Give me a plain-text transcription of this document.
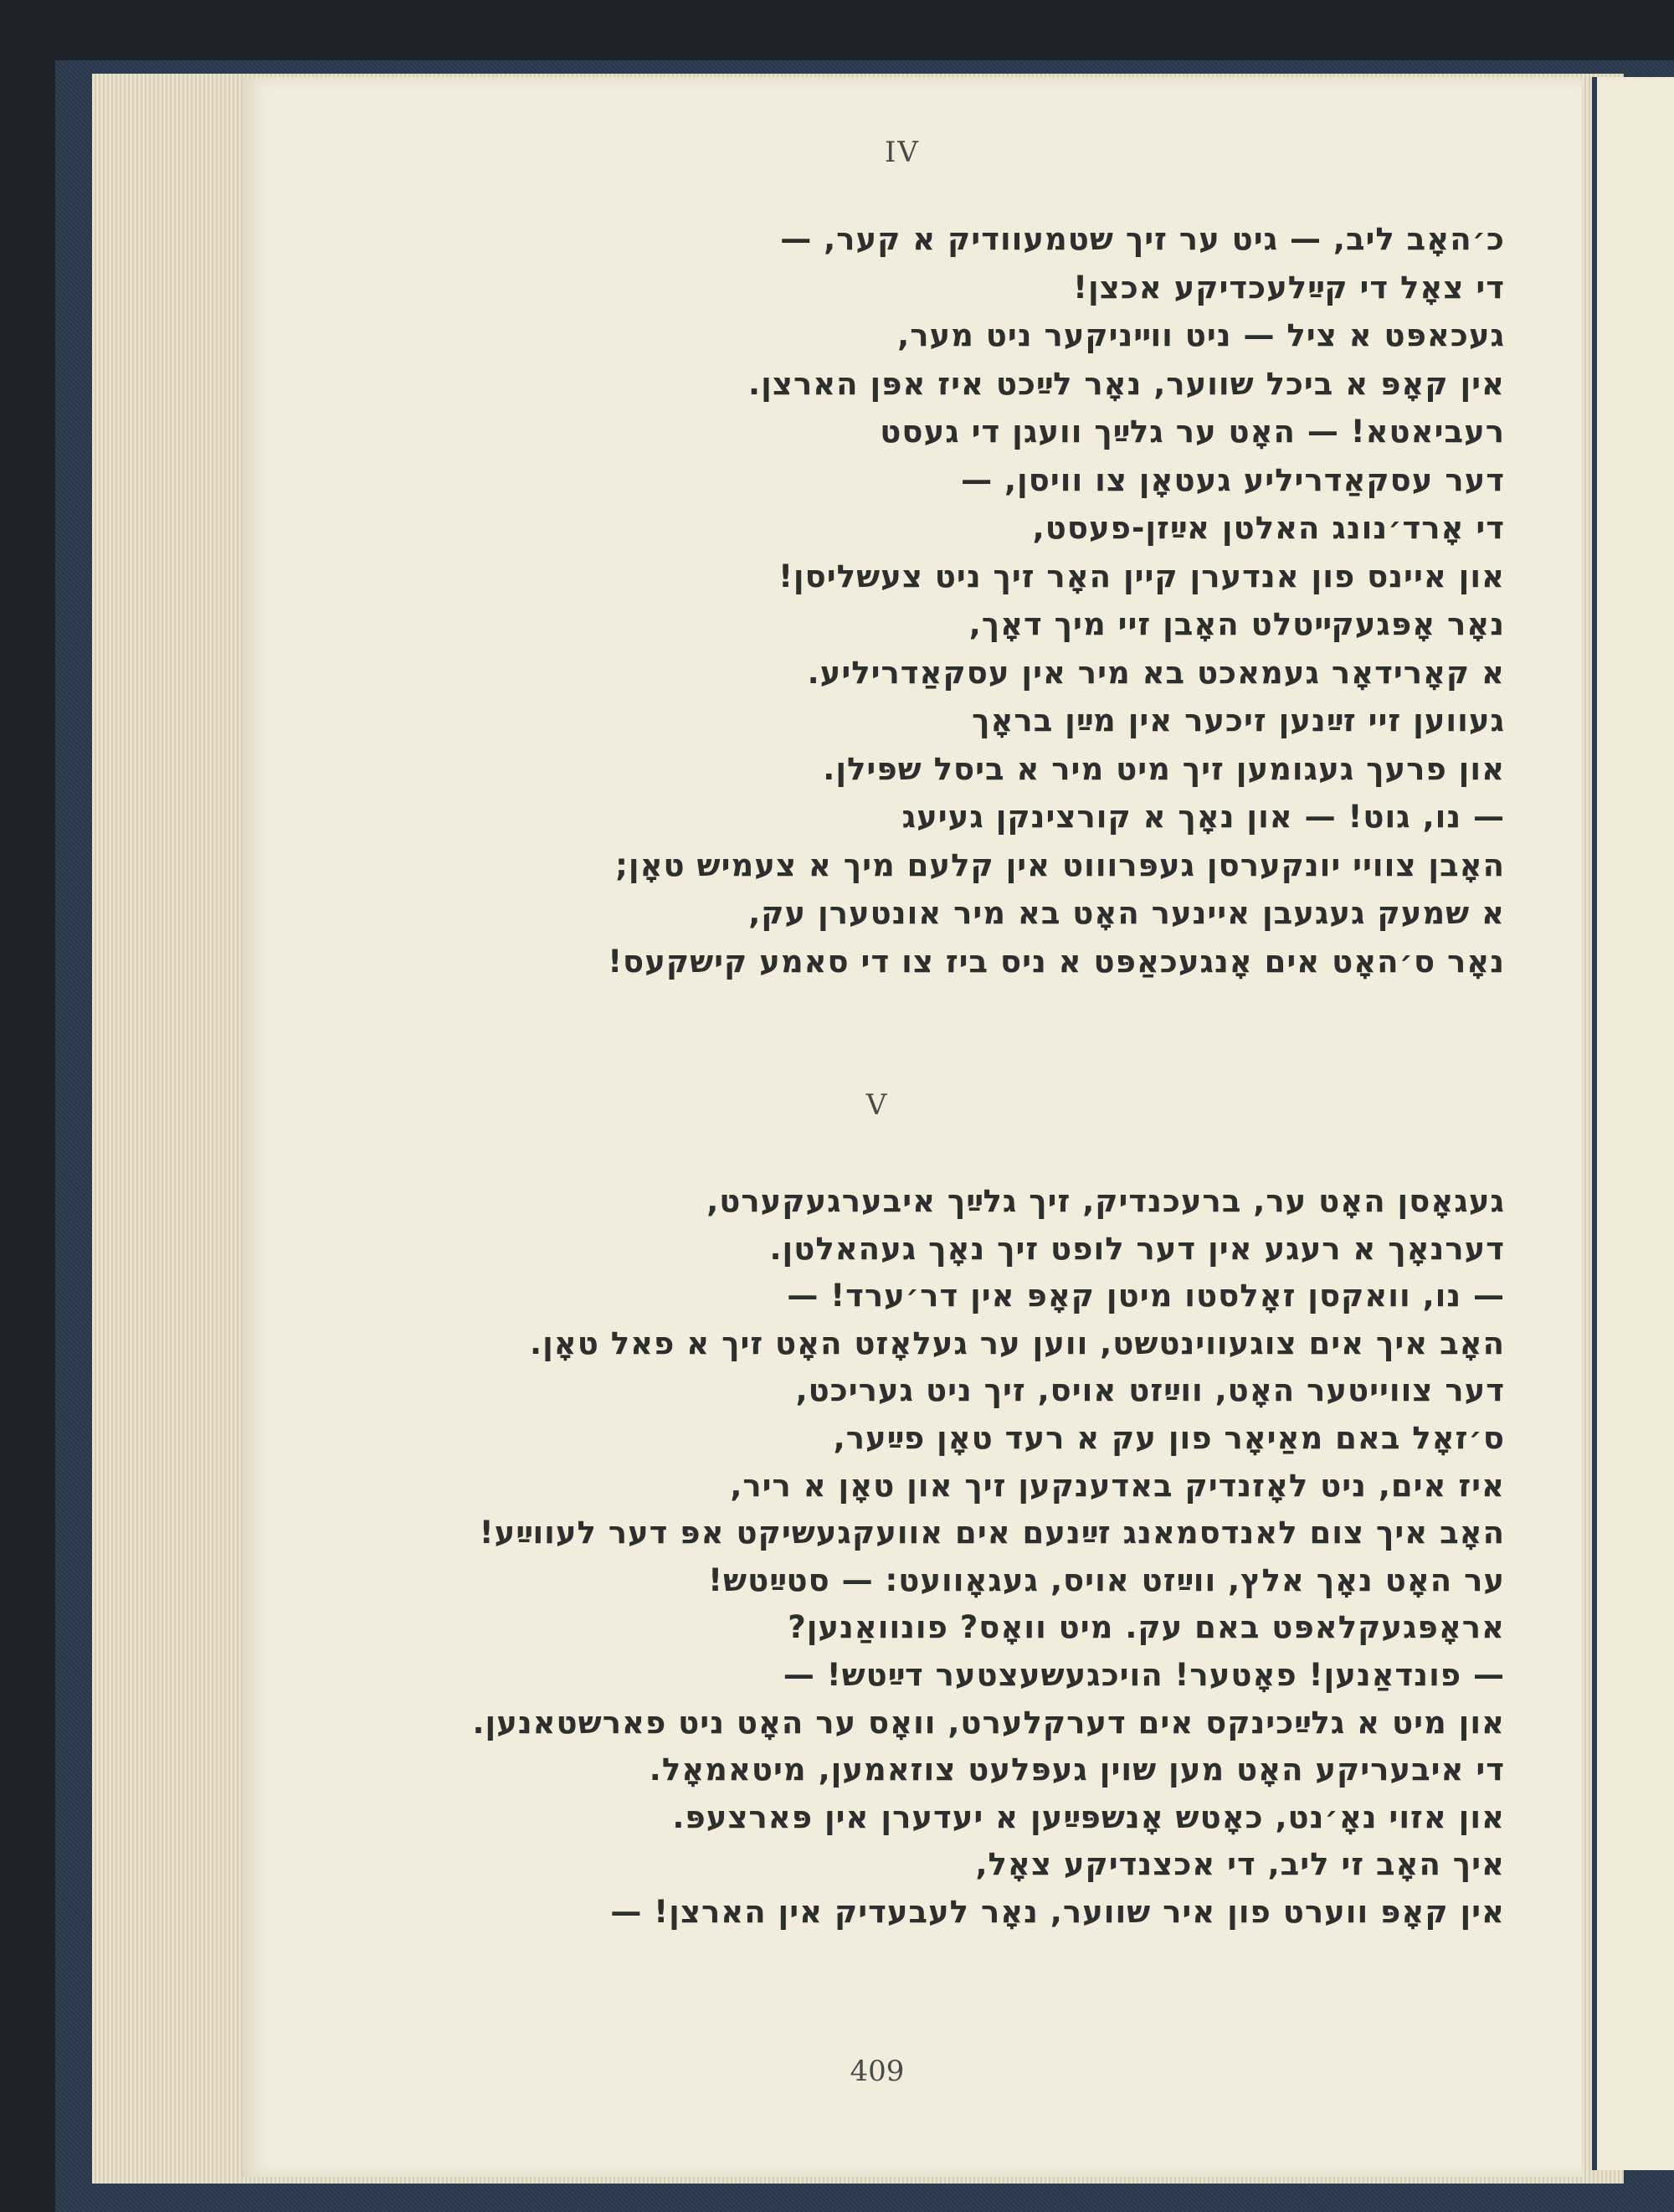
IV
כ׳האָב ליב, — גיט ער זיך שטמעוודיק א קער, —
די צאָל די קײַלעכדיקע אכצן!
געכאפּט א ציל — ניט ווײניקער ניט מער,
אין קאָפּ א ביכל שווער, נאָר לײַכט איז אפּן הארצן.
רעביאטא! — האָט ער גלײַך וועגן די געסט
דער עסקאַדריליע געטאָן צו וויסן, —
די אָרד׳נונג האלטן אײַזן-פעסט,
און איינס פון אנדערן קיין האָר זיך ניט צעשליסן!
נאָר אָפּגעקײטלט האָבן זיי מיך דאָך,
א קאָרידאָר געמאכט בא מיר אין עסקאַדריליע.
געווען זיי זײַנען זיכער אין מײַן בראָך
און פרעך געגומען זיך מיט מיר א ביסל שפּילן.
— נו, גוט! — און נאָך א קורצינקן געיעג
האָבן צוויי יונקערסן געפּרוווט אין קלעם מיך א צעמיש טאָן;
א שמעק געגעבן איינער האָט בא מיר אונטערן עק,
נאָר ס׳האָט אים אָנגעכאַפּט א ניס ביז צו די סאמע קישקעס!
V
געגאָסן האָט ער, ברעכנדיק, זיך גלײַך איבערגעקערט,
דערנאָך א רעגע אין דער לופט זיך נאָך געהאלטן.
— נו, וואקסן זאָלסטו מיטן קאָפּ אין דר׳ערד! —
האָב איך אים צוגעווינטשט, ווען ער געלאָזט האָט זיך א פאל טאָן.
דער צווייטער האָט, ווײַזט אויס, זיך ניט געריכט,
ס׳זאָל באם מאַיאָר פון עק א רעד טאָן פײַער,
איז אים, ניט לאָזנדיק באדענקען זיך און טאָן א ריר,
האָב איך צום לאנדסמאנג זײַנעם אים אוועקגעשיקט אפּ דער לעווײַע!
ער האָט נאָך אלץ, ווײַזט אויס, געגאָוועט: — סטײַטש!
אראָפּגעקלאפּט באם עק. מיט וואָס? פונוואַנען?
— פונדאַנען! פאָטער! הויכגעשעצטער דײַטש! —
און מיט א גלײַכינקס אים דערקלערט, וואָס ער האָט ניט פארשטאנען.
די איבעריקע האָט מען שוין געפּלעט צוזאמען, מיטאמאָל.
און אזוי נאָ׳נט, כאָטש אָנשפּײַען א יעדערן אין פּארצעפּ.
איך האָב זי ליב, די אכצנדיקע צאָל,
אין קאָפּ ווערט פון איר שווער, נאָר לעבעדיק אין הארצן! —
409
